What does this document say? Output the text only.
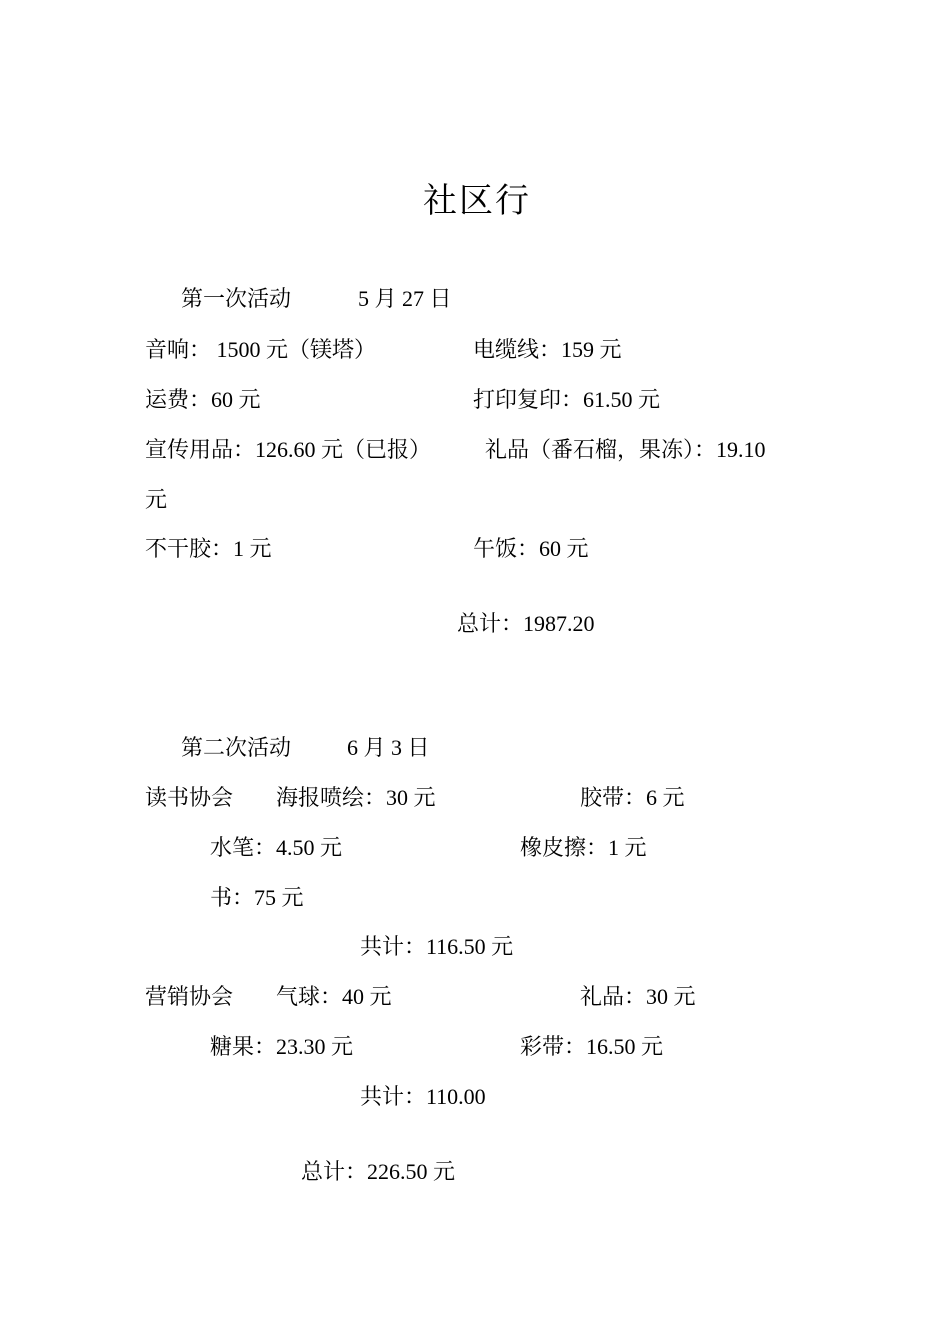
社区行
第一次活动	5 月 27 日
音响： 1500 元（镁塔）	电缆线：159 元
运费：60 元	打印复印：61.50 元
宣传用品：126.60 元（已报） 礼品（番石榴，果冻）：19.10
元
不干胶：1 元	午饭：60 元
总计：1987.20
第二次活动	6 月 3 日
读书协会 海报喷绘：30 元	胶带：6 元
水笔：4.50 元	橡皮擦：1 元
书：75 元
共计：116.50 元
营销协会 气球：40 元	礼品：30 元
糖果：23.30 元	彩带：16.50 元
共计：110.00
总计：226.50 元
